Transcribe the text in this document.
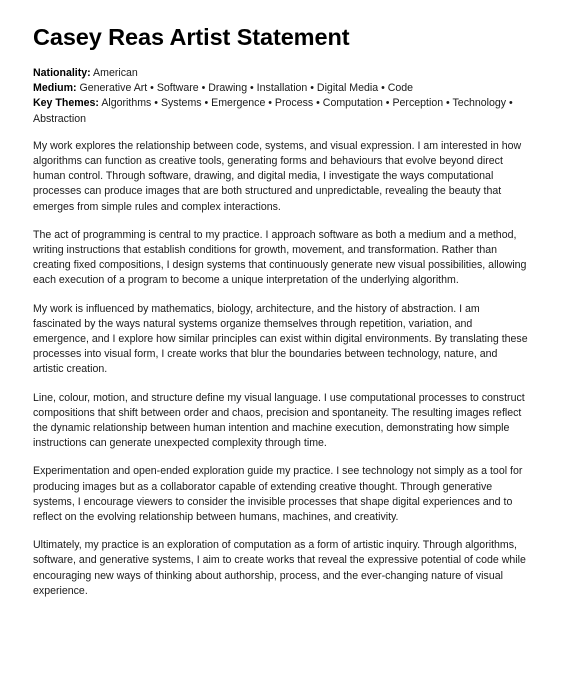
Casey Reas Artist Statement
Nationality: American
Medium: Generative Art • Software • Drawing • Installation • Digital Media • Code
Key Themes: Algorithms • Systems • Emergence • Process • Computation • Perception • Technology • Abstraction

My work explores the relationship between code, systems, and visual expression. I am interested in how algorithms can function as creative tools, generating forms and behaviours that evolve beyond direct human control. Through software, drawing, and digital media, I investigate the ways computational processes can produce images that are both structured and unpredictable, revealing the beauty that emerges from simple rules and complex interactions.

The act of programming is central to my practice. I approach software as both a medium and a method, writing instructions that establish conditions for growth, movement, and transformation. Rather than creating fixed compositions, I design systems that continuously generate new visual possibilities, allowing each execution of a program to become a unique interpretation of the underlying algorithm.

My work is influenced by mathematics, biology, architecture, and the history of abstraction. I am fascinated by the ways natural systems organize themselves through repetition, variation, and emergence, and I explore how similar principles can exist within digital environments. By translating these processes into visual form, I create works that blur the boundaries between technology, nature, and artistic creation.

Line, colour, motion, and structure define my visual language. I use computational processes to construct compositions that shift between order and chaos, precision and spontaneity. The resulting images reflect the dynamic relationship between human intention and machine execution, demonstrating how simple instructions can generate unexpected complexity through time.

Experimentation and open-ended exploration guide my practice. I see technology not simply as a tool for producing images but as a collaborator capable of extending creative thought. Through generative systems, I encourage viewers to consider the invisible processes that shape digital experiences and to reflect on the evolving relationship between humans, machines, and creativity.

Ultimately, my practice is an exploration of computation as a form of artistic inquiry. Through algorithms, software, and generative systems, I aim to create works that reveal the expressive potential of code while encouraging new ways of thinking about authorship, process, and the ever-changing nature of visual experience.
